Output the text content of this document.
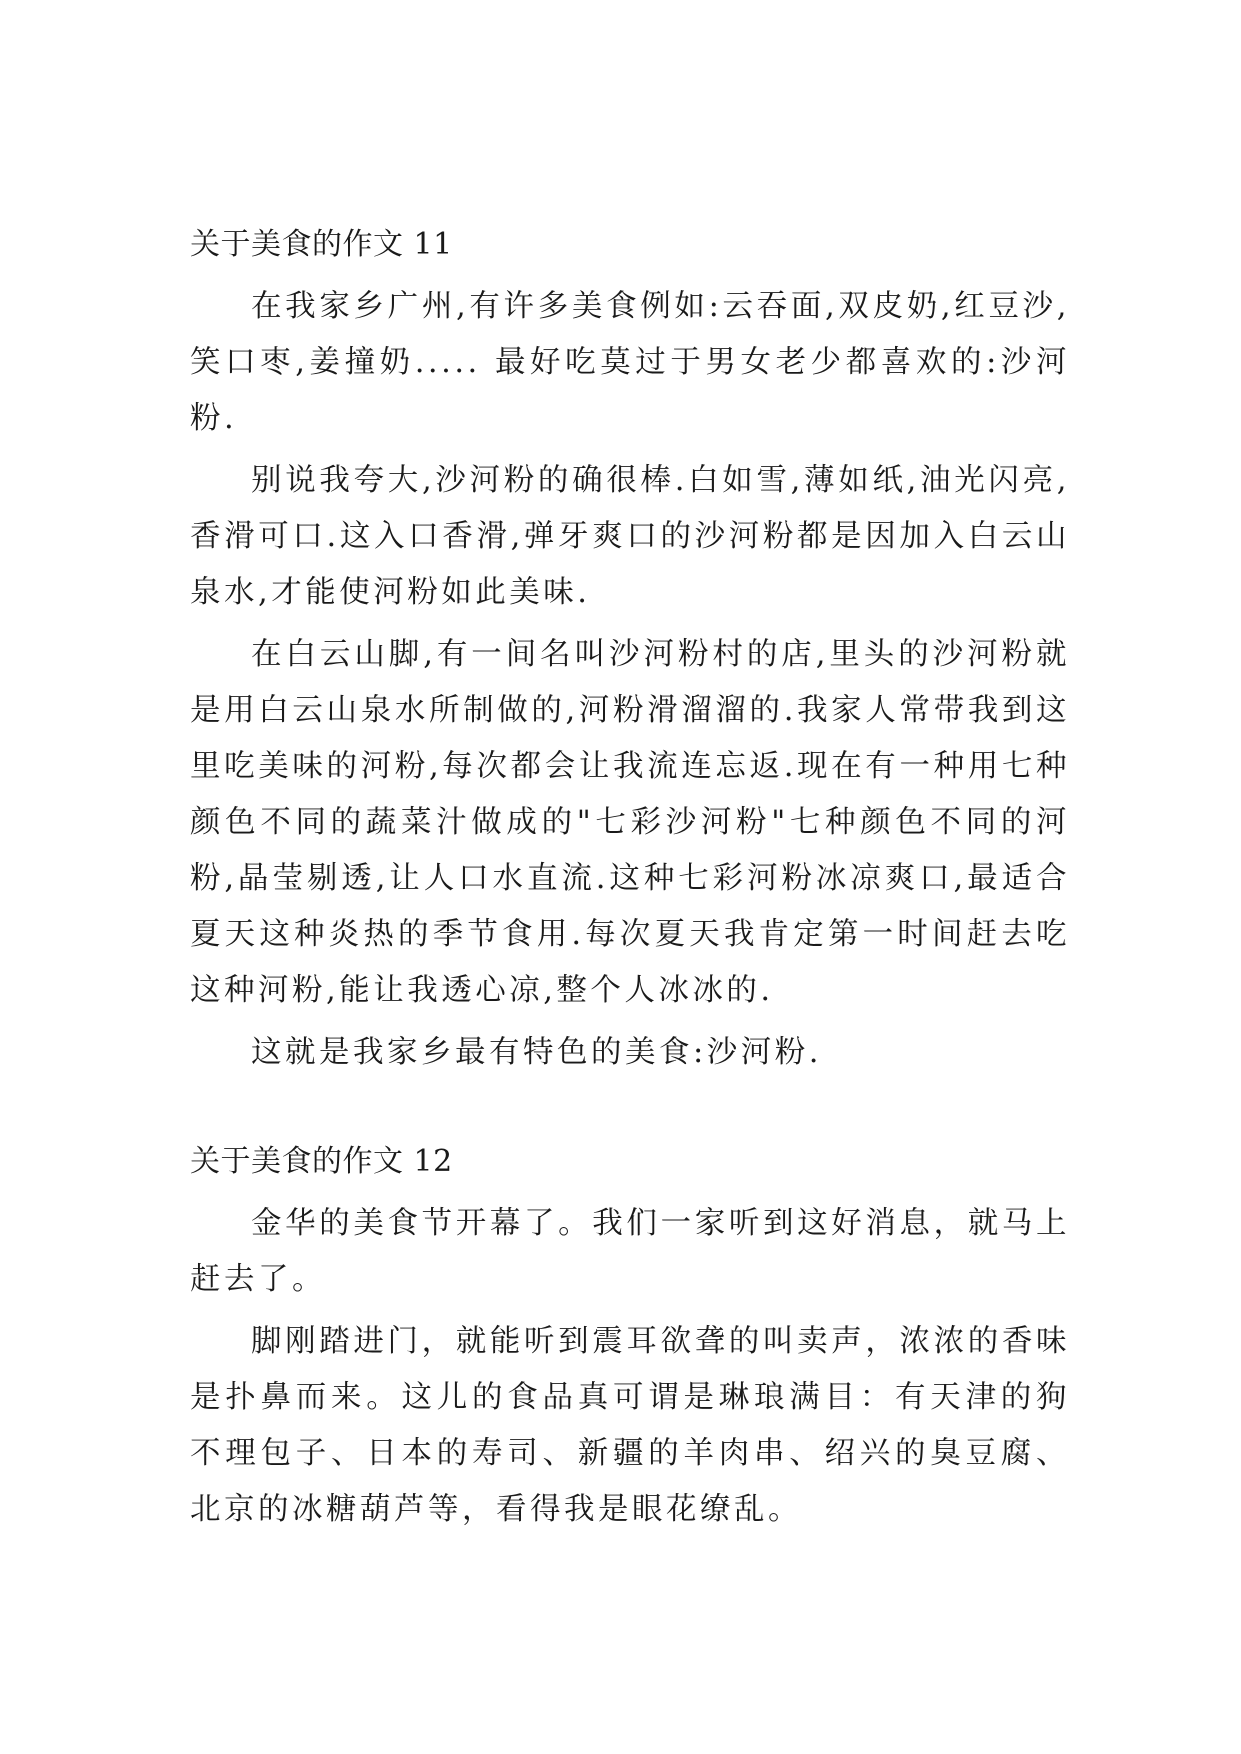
关于美食的作文 11

在我家乡广州,有许多美食例如:云吞面,双皮奶,红豆沙,笑口枣,姜撞奶..... 最好吃莫过于男女老少都喜欢的:沙河粉.

别说我夸大,沙河粉的确很棒.白如雪,薄如纸,油光闪亮,香滑可口.这入口香滑,弹牙爽口的沙河粉都是因加入白云山泉水,才能使河粉如此美味.

在白云山脚,有一间名叫沙河粉村的店,里头的沙河粉就是用白云山泉水所制做的,河粉滑溜溜的.我家人常带我到这里吃美味的河粉,每次都会让我流连忘返.现在有一种用七种颜色不同的蔬菜汁做成的"七彩沙河粉"七种颜色不同的河粉,晶莹剔透,让人口水直流.这种七彩河粉冰凉爽口,最适合夏天这种炎热的季节食用.每次夏天我肯定第一时间赶去吃这种河粉,能让我透心凉,整个人冰冰的.

这就是我家乡最有特色的美食:沙河粉.

关于美食的作文 12

金华的美食节开幕了。我们一家听到这好消息，就马上赶去了。

脚刚踏进门，就能听到震耳欲聋的叫卖声，浓浓的香味是扑鼻而来。这儿的食品真可谓是琳琅满目：有天津的狗不理包子、日本的寿司、新疆的羊肉串、绍兴的臭豆腐、北京的冰糖葫芦等，看得我是眼花缭乱。
